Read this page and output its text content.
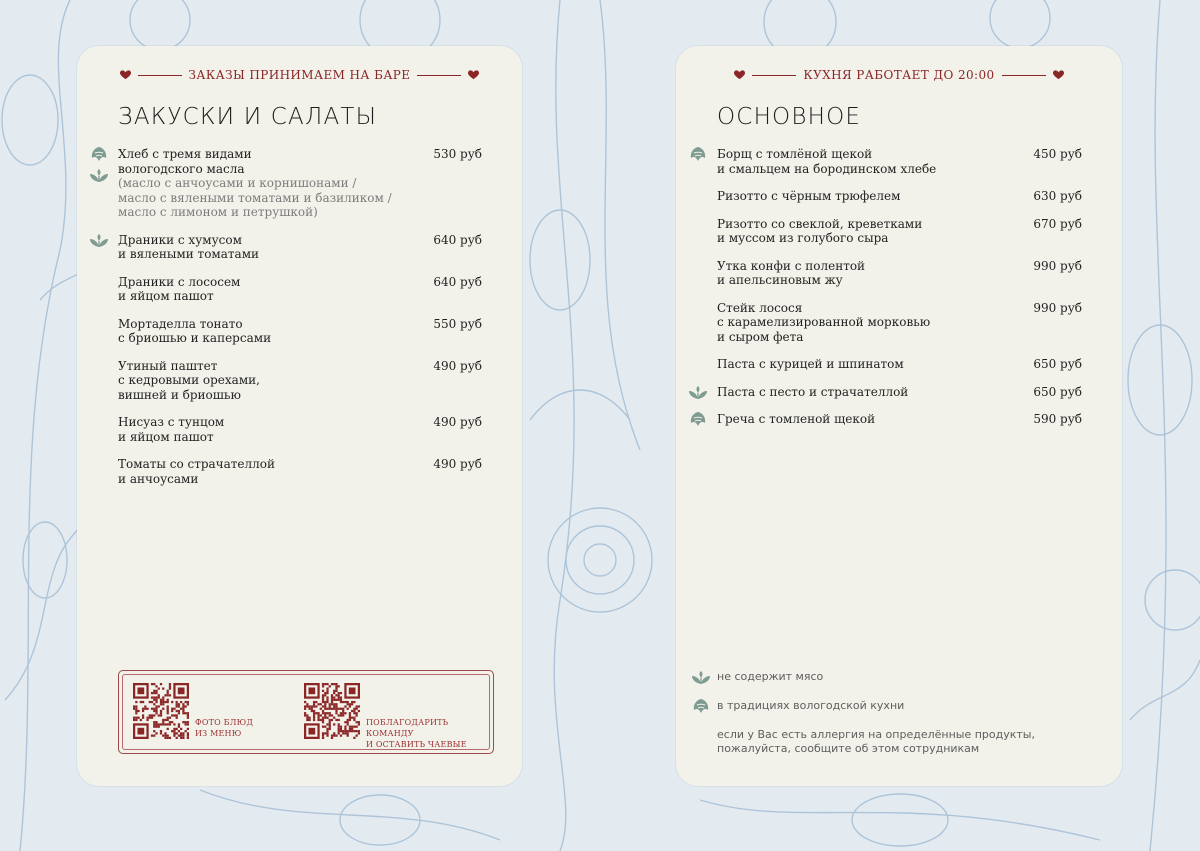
ЗАКАЗЫ ПРИНИМАЕМ НА БАРЕ
ЗАКУСКИ И САЛАТЫ
Хлеб с тремя видами
вологодского масла
530 руб
(масло с анчоусами и корнишонами /
масло с вялеными томатами и базиликом /
масло с лимоном и петрушкой)
Драники с хумусом
и вялеными томатами
640 руб
Драники с лососем
и яйцом пашот
640 руб
Мортаделла тонато
с бриошью и каперсами
550 руб
Утиный паштет
с кедровыми орехами,
вишней и бриошью
490 руб
Нисуаз с тунцом
и яйцом пашот
490 руб
Томаты со страчателлой
и анчоусами
490 руб
ФОТО БЛЮД
ИЗ МЕНЮ
ПОБЛАГОДАРИТЬ КОМАНДУ
И ОСТАВИТЬ ЧАЕВЫЕ
КУХНЯ РАБОТАЕТ ДО 20:00
ОСНОВНОЕ
Борщ с томлёной щекой
и смальцем на бородинском хлебе
450 руб
Ризотто с чёрным трюфелем	630 руб
Ризотто со свеклой, креветками
и муссом из голубого сыра
670 руб
Утка конфи с полентой
и апельсиновым жу
990 руб
Стейк лосося
с карамелизированной морковью
и сыром фета
990 руб
Паста с курицей и шпинатом	650 руб
Паста с песто и страчателлой	650 руб
Греча с томленой щекой	590 руб
не содержит мясо
в традициях вологодской кухни
если у Вас есть аллергия на определённые продукты,
пожалуйста, сообщите об этом сотрудникам
